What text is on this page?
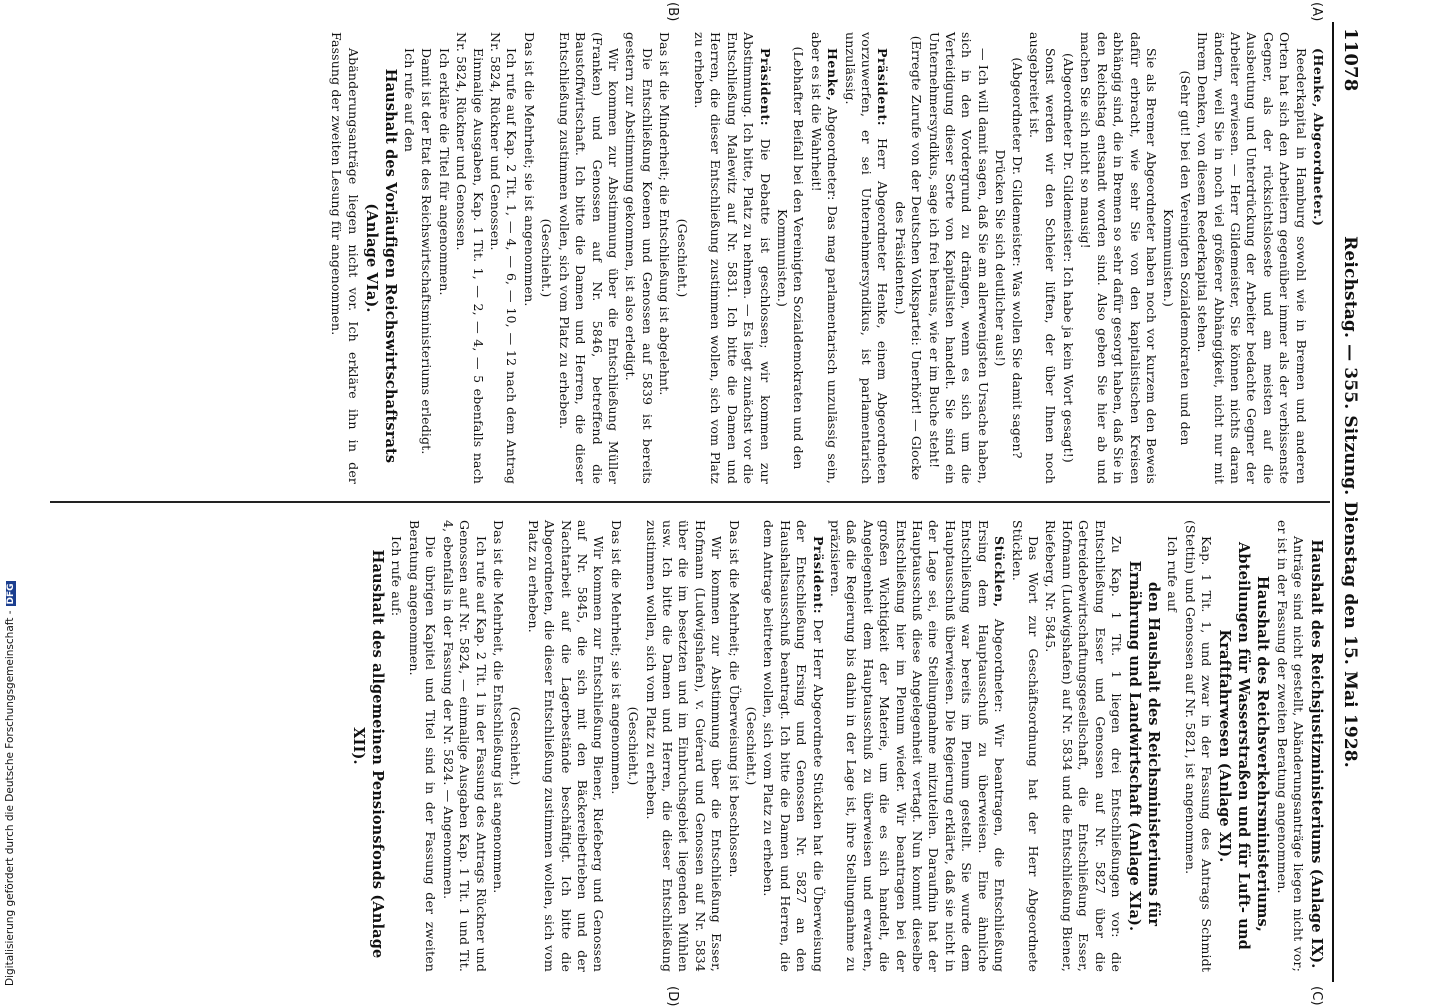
11078
Reichstag. — 355. Sitzung. Dienstag den 15. Mai 1928.
(A)
(B)
(C)
(D)

(Henke, Abgeordneter.)

Reederkapital in Hamburg sowohl wie in Bremen und anderen Orten hat sich den Arbeitern gegenüber immer als der verbissenste Gegner, als der rücksichtsloseste und am meisten auf die Ausbeutung und Unterdrückung der Arbeiter bedachte Gegner der Arbeiter erwiesen. — Herr Gildemeister, Sie können nichts daran ändern, weil Sie in noch viel größerer Abhängigkeit, nicht nur mit Ihrem Denken, von diesem Reederkapital stehen.

(Sehr gut! bei den Vereinigten Sozialdemokraten und den Kommunisten.)

Sie als Bremer Abgeordneter haben noch vor kurzem den Beweis dafür erbracht, wie sehr Sie von den kapitalistischen Kreisen abhängig sind, die in Bremen so sehr dafür gesorgt haben, daß Sie in den Reichstag entsandt worden sind. Also geben Sie hier ab und machen Sie sich nicht so mausig!

(Abgeordneter Dr. Gildemeister: Ich habe ja kein Wort gesagt!)

Sonst werden wir den Schleier lüften, der über Ihnen noch ausgebreitet ist.

(Abgeordneter Dr. Gildemeister: Was wollen Sie damit sagen? Drücken Sie sich deutlicher aus!)

— Ich will damit sagen, daß Sie am allerwenigsten Ursache haben, sich in den Vordergrund zu drängen, wenn es sich um die Verteidigung dieser Sorte von Kapitalisten handelt. Sie sind ein Unternehmersyndikus, sage ich frei heraus, wie er im Buche steht!

(Erregte Zurufe von der Deutschen Volkspartei: Unerhört! — Glocke des Präsidenten.)

Präsident: Herr Abgeordneter Henke, einem Abgeordneten vorzuwerfen, er sei Unternehmersyndikus, ist parlamentarisch unzulässig.

Henke, Abgeordneter: Das mag parlamentarisch unzulässig sein, aber es ist die Wahrheit!

(Lebhafter Beifall bei den Vereinigten Sozialdemokraten und den Kommunisten.)

Präsident: Die Debatte ist geschlossen; wir kommen zur Abstimmung. Ich bitte, Platz zu nehmen. — Es liegt zunächst vor die Entschließung Malewitz auf Nr. 5831. Ich bitte die Damen und Herren, die dieser Entschließung zustimmen wollen, sich vom Platz zu erheben.

(Geschieht.)

Das ist die Minderheit; die Entschließung ist abgelehnt.

Die Entschließung Koenen und Genossen auf 5839 ist bereits gestern zur Abstimmung gekommen, ist also erledigt.

Wir kommen zur Abstimmung über die Entschließung Müller (Franken) und Genossen auf Nr. 5846, betreffend die Baustoffwirtschaft. Ich bitte die Damen und Herren, die dieser Entschließung zustimmen wollen, sich vom Platz zu erheben.

(Geschieht.)

Das ist die Mehrheit; sie ist angenommen.

Ich rufe auf Kap. 2 Tit. 1, — 4, — 6, — 10, — 12 nach dem Antrag Nr. 5824, Rückner und Genossen.

Einmalige Ausgaben, Kap. 1 Tit. 1, — 2, — 4, — 5 ebenfalls nach Nr. 5824, Rückner und Genossen.

Ich erkläre die Titel für angenommen.

Damit ist der Etat des Reichswirtschaftsministeriums erledigt.

Ich rufe auf den

Haushalt des Vorläufigen Reichswirtschaftsrats (Anlage VIa).

Abänderungsanträge liegen nicht vor. Ich erkläre ihn in der Fassung der zweiten Lesung für angenommen.

Haushalt des Reichsjustizministeriums (Anlage IX).

Anträge sind nicht gestellt, Abänderungsanträge liegen nicht vor; er ist in der Fassung der zweiten Beratung angenommen.

Haushalt des Reichsverkehrsministeriums, Abteilungen für Wasserstraßen und für Luft- und Kraftfahrwesen (Anlage XI).

Kap. 1 Tit. 1, und zwar in der Fassung des Antrags Schmidt (Stettin) und Genossen auf Nr. 5821, ist angenommen.

Ich rufe auf

den Haushalt des Reichsministeriums für Ernährung und Landwirtschaft (Anlage XIa).

Zu Kap. 1 Tit. 1 liegen drei Entschließungen vor: die Entschließung Esser und Genossen auf Nr. 5827 über die Getreidebewirtschaftungsgesellschaft, die Entschließung Esser, Hofmann (Ludwigshafen) auf Nr. 5834 und die Entschließung Biener, Riefeberg, Nr. 5845.

Das Wort zur Geschäftsordnung hat der Herr Abgeordnete Stücklen.

Stücklen, Abgeordneter: Wir beantragen, die Entschließung Ersing dem Hauptausschuß zu überweisen. Eine ähnliche Entschließung war bereits im Plenum gestellt. Sie wurde dem Hauptausschuß überwiesen. Die Regierung erklärte, daß sie nicht in der Lage sei, eine Stellungnahme mitzuteilen. Daraufhin hat der Hauptausschuß diese Angelegenheit vertagt. Nun kommt dieselbe Entschließung hier im Plenum wieder. Wir beantragen bei der großen Wichtigkeit der Materie, um die es sich handelt, die Angelegenheit dem Hauptausschuß zu überweisen und erwarten, daß die Regierung bis dahin in der Lage ist, ihre Stellungnahme zu präzisieren.

Präsident: Der Herr Abgeordnete Stücklen hat die Überweisung der Entschließung Ersing und Genossen Nr. 5827 an den Haushaltsausschuß beantragt. Ich bitte die Damen und Herren, die dem Antrage beitreten wollen, sich vom Platz zu erheben.

(Geschieht.)

Das ist die Mehrheit; die Überweisung ist beschlossen.

Wir kommen zur Abstimmung über die Entschließung Esser, Hofmann (Ludwigshafen), v. Guérard und Genossen auf Nr. 5834 über die im besetzten und im Einbruchsgebiet liegenden Mühlen usw. Ich bitte die Damen und Herren, die dieser Entschließung zustimmen wollen, sich vom Platz zu erheben.

(Geschieht.)

Das ist die Mehrheit; sie ist angenommen.

Wir kommen zur Entschließung Biener, Riefeberg und Genossen auf Nr. 5845, die sich mit den Bäckereibetrieben und der Nachtarbeit auf die Lagerbestände beschäftigt. Ich bitte die Abgeordneten, die dieser Entschließung zustimmen wollen, sich vom Platz zu erheben.

(Geschieht.)

Das ist die Mehrheit, die Entschließung ist angenommen.

Ich rufe auf Kap. 2 Tit. 1 in der Fassung des Antrags Rückner und Genossen auf Nr. 5824, — einmalige Ausgaben Kap. 1 Tit. 1 und Tit. 4, ebenfalls in der Fassung der Nr. 5824. — Angenommen.

Die übrigen Kapitel und Titel sind in der Fassung der zweiten Beratung angenommen.

Ich rufe auf:

Haushalt des allgemeinen Pensionsfonds (Anlage XII).

Digitalisierung gefördert durch die Deutsche Forschungsgemeinschaft -DFG
